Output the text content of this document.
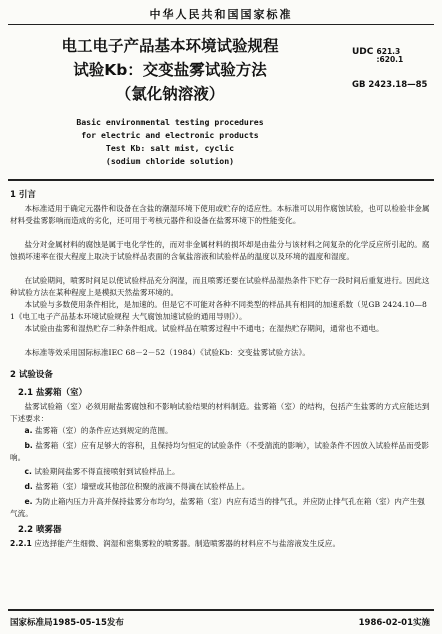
中华人民共和国国家标准
电工电子产品基本环境试验规程
试验Kb：交变盐雾试验方法
（氯化钠溶液）
UDC 621.3
:620.1
GB 2423.18—85
Basic environmental testing procedures
for electric and electronic products
Test Kb: salt mist, cyclic
(sodium chloride solution)
1 引言
本标准适用于确定元器件和设备在含盐的潮湿环境下使用或贮存的适应性。本标准可以用作腐蚀试验，也可以检验非金属材料受盐雾影响而造成的劣化，还可用于考核元器件和设备在盐雾环境下的性能变化。
盐分对金属材料的腐蚀是属于电化学性的，而对非金属材料的损坏却是由盐分与该材料之间复杂的化学反应所引起的。腐蚀损坏速率在很大程度上取决于试验样品表面的含氧盐溶液和试验样品的温度以及环境的温度和湿度。
在试验期间，喷雾时间足以使试验样品充分润湿，而且喷雾还要在试验样品湿热条件下贮存一段时间后重复进行。因此这种试验方法在某种程度上是模拟天然盐雾环境的。
本试验与多数使用条件相比，是加速的。但是它不可能对各种不同类型的样品具有相同的加速系数（见GB 2424.10—81《电工电子产品基本环境试验规程 大气腐蚀加速试验的通用导则》）。
本试验由盐雾和湿热贮存二种条件组成。试验样品在喷雾过程中不通电；在湿热贮存期间，通常也不通电。
本标准等效采用国际标准IEC 68－2－52（1984）《试验Kb：交变盐雾试验方法》。
2 试验设备
2.1 盐雾箱（室）
盐雾试验箱（室）必须用耐盐雾腐蚀和不影响试验结果的材料制造。盐雾箱（室）的结构，包括产生盐雾的方式应能达到下述要求：
a. 盐雾箱（室）的条件应达到规定的范围。
b. 盐雾箱（室）应有足够大的容积，且保持均匀恒定的试验条件（不受湍流的影响），试验条件不因放入试验样品而受影响。
c. 试验期间盐雾不得直接喷射到试验样品上。
d. 盐雾箱（室）墙壁或其他部位积聚的液滴不得滴在试验样品上。
e. 为防止箱内压力升高并保持盐雾分布均匀，盐雾箱（室）内应有适当的排气孔，并应防止排气孔在箱（室）内产生强气流。
2.2 喷雾器
2.2.1 应选择能产生细微、润湿和密集雾粒的喷雾器。制造喷雾器的材料应不与盐溶液发生反应。
国家标准局1985-05-15发布	1986-02-01实施
